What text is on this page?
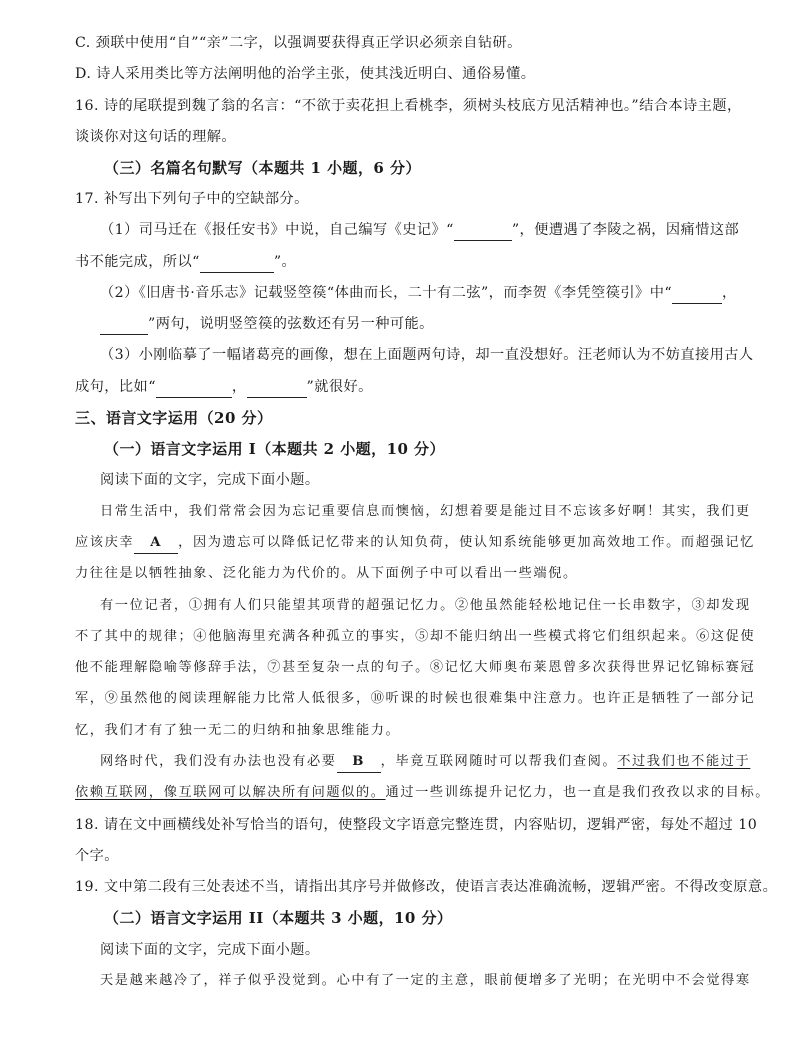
C. 颈联中使用“自”“亲”二字，以强调要获得真正学识必须亲自钻研。
D. 诗人采用类比等方法阐明他的治学主张，使其浅近明白、通俗易懂。
16. 诗的尾联提到魏了翁的名言：“不欲于卖花担上看桃李，须树头枝底方见活精神也。”结合本诗主题，
谈谈你对这句话的理解。
（三）名篇名句默写（本题共 1 小题，6 分）
17. 补写出下列句子中的空缺部分。
（1）司马迁在《报任安书》中说，自己编写《史记》“	”，便遭遇了李陵之祸，因痛惜这部
书不能完成，所以“	”。
（2）《旧唐书·音乐志》记载竖箜篌“体曲而长，二十有二弦”，而李贺《李凭箜篌引》中“	，
”两句，说明竖箜篌的弦数还有另一种可能。
（3）小刚临摹了一幅诸葛亮的画像，想在上面题两句诗，却一直没想好。汪老师认为不妨直接用古人
成句，比如“	，	”就很好。
三、语言文字运用（20 分）
（一）语言文字运用 I（本题共 2 小题，10 分）
阅读下面的文字，完成下面小题。
日常生活中，我们常常会因为忘记重要信息而懊恼，幻想着要是能过目不忘该多好啊！其实，我们更
应该庆幸 A ，因为遗忘可以降低记忆带来的认知负荷，使认知系统能够更加高效地工作。而超强记忆
力往往是以牺牲抽象、泛化能力为代价的。从下面例子中可以看出一些端倪。
有一位记者，①拥有人们只能望其项背的超强记忆力。②他虽然能轻松地记住一长串数字，③却发现
不了其中的规律；④他脑海里充满各种孤立的事实，⑤却不能归纳出一些模式将它们组织起来。⑥这促使
他不能理解隐喻等修辞手法，⑦甚至复杂一点的句子。⑧记忆大师奥布莱恩曾多次获得世界记忆锦标赛冠
军，⑨虽然他的阅读理解能力比常人低很多，⑩听课的时候也很难集中注意力。也许正是牺牲了一部分记
忆，我们才有了独一无二的归纳和抽象思维能力。
网络时代，我们没有办法也没有必要 B ，毕竟互联网随时可以帮我们查阅。不过我们也不能过于
依赖互联网，像互联网可以解决所有问题似的。通过一些训练提升记忆力，也一直是我们孜孜以求的目标。
18. 请在文中画横线处补写恰当的语句，使整段文字语意完整连贯，内容贴切，逻辑严密，每处不超过 10
个字。
19. 文中第二段有三处表述不当，请指出其序号并做修改，使语言表达准确流畅，逻辑严密。不得改变原意。
（二）语言文字运用 II（本题共 3 小题，10 分）
阅读下面的文字，完成下面小题。
天是越来越冷了，祥子似乎没觉到。心中有了一定的主意，眼前便增多了光明；在光明中不会觉得寒
